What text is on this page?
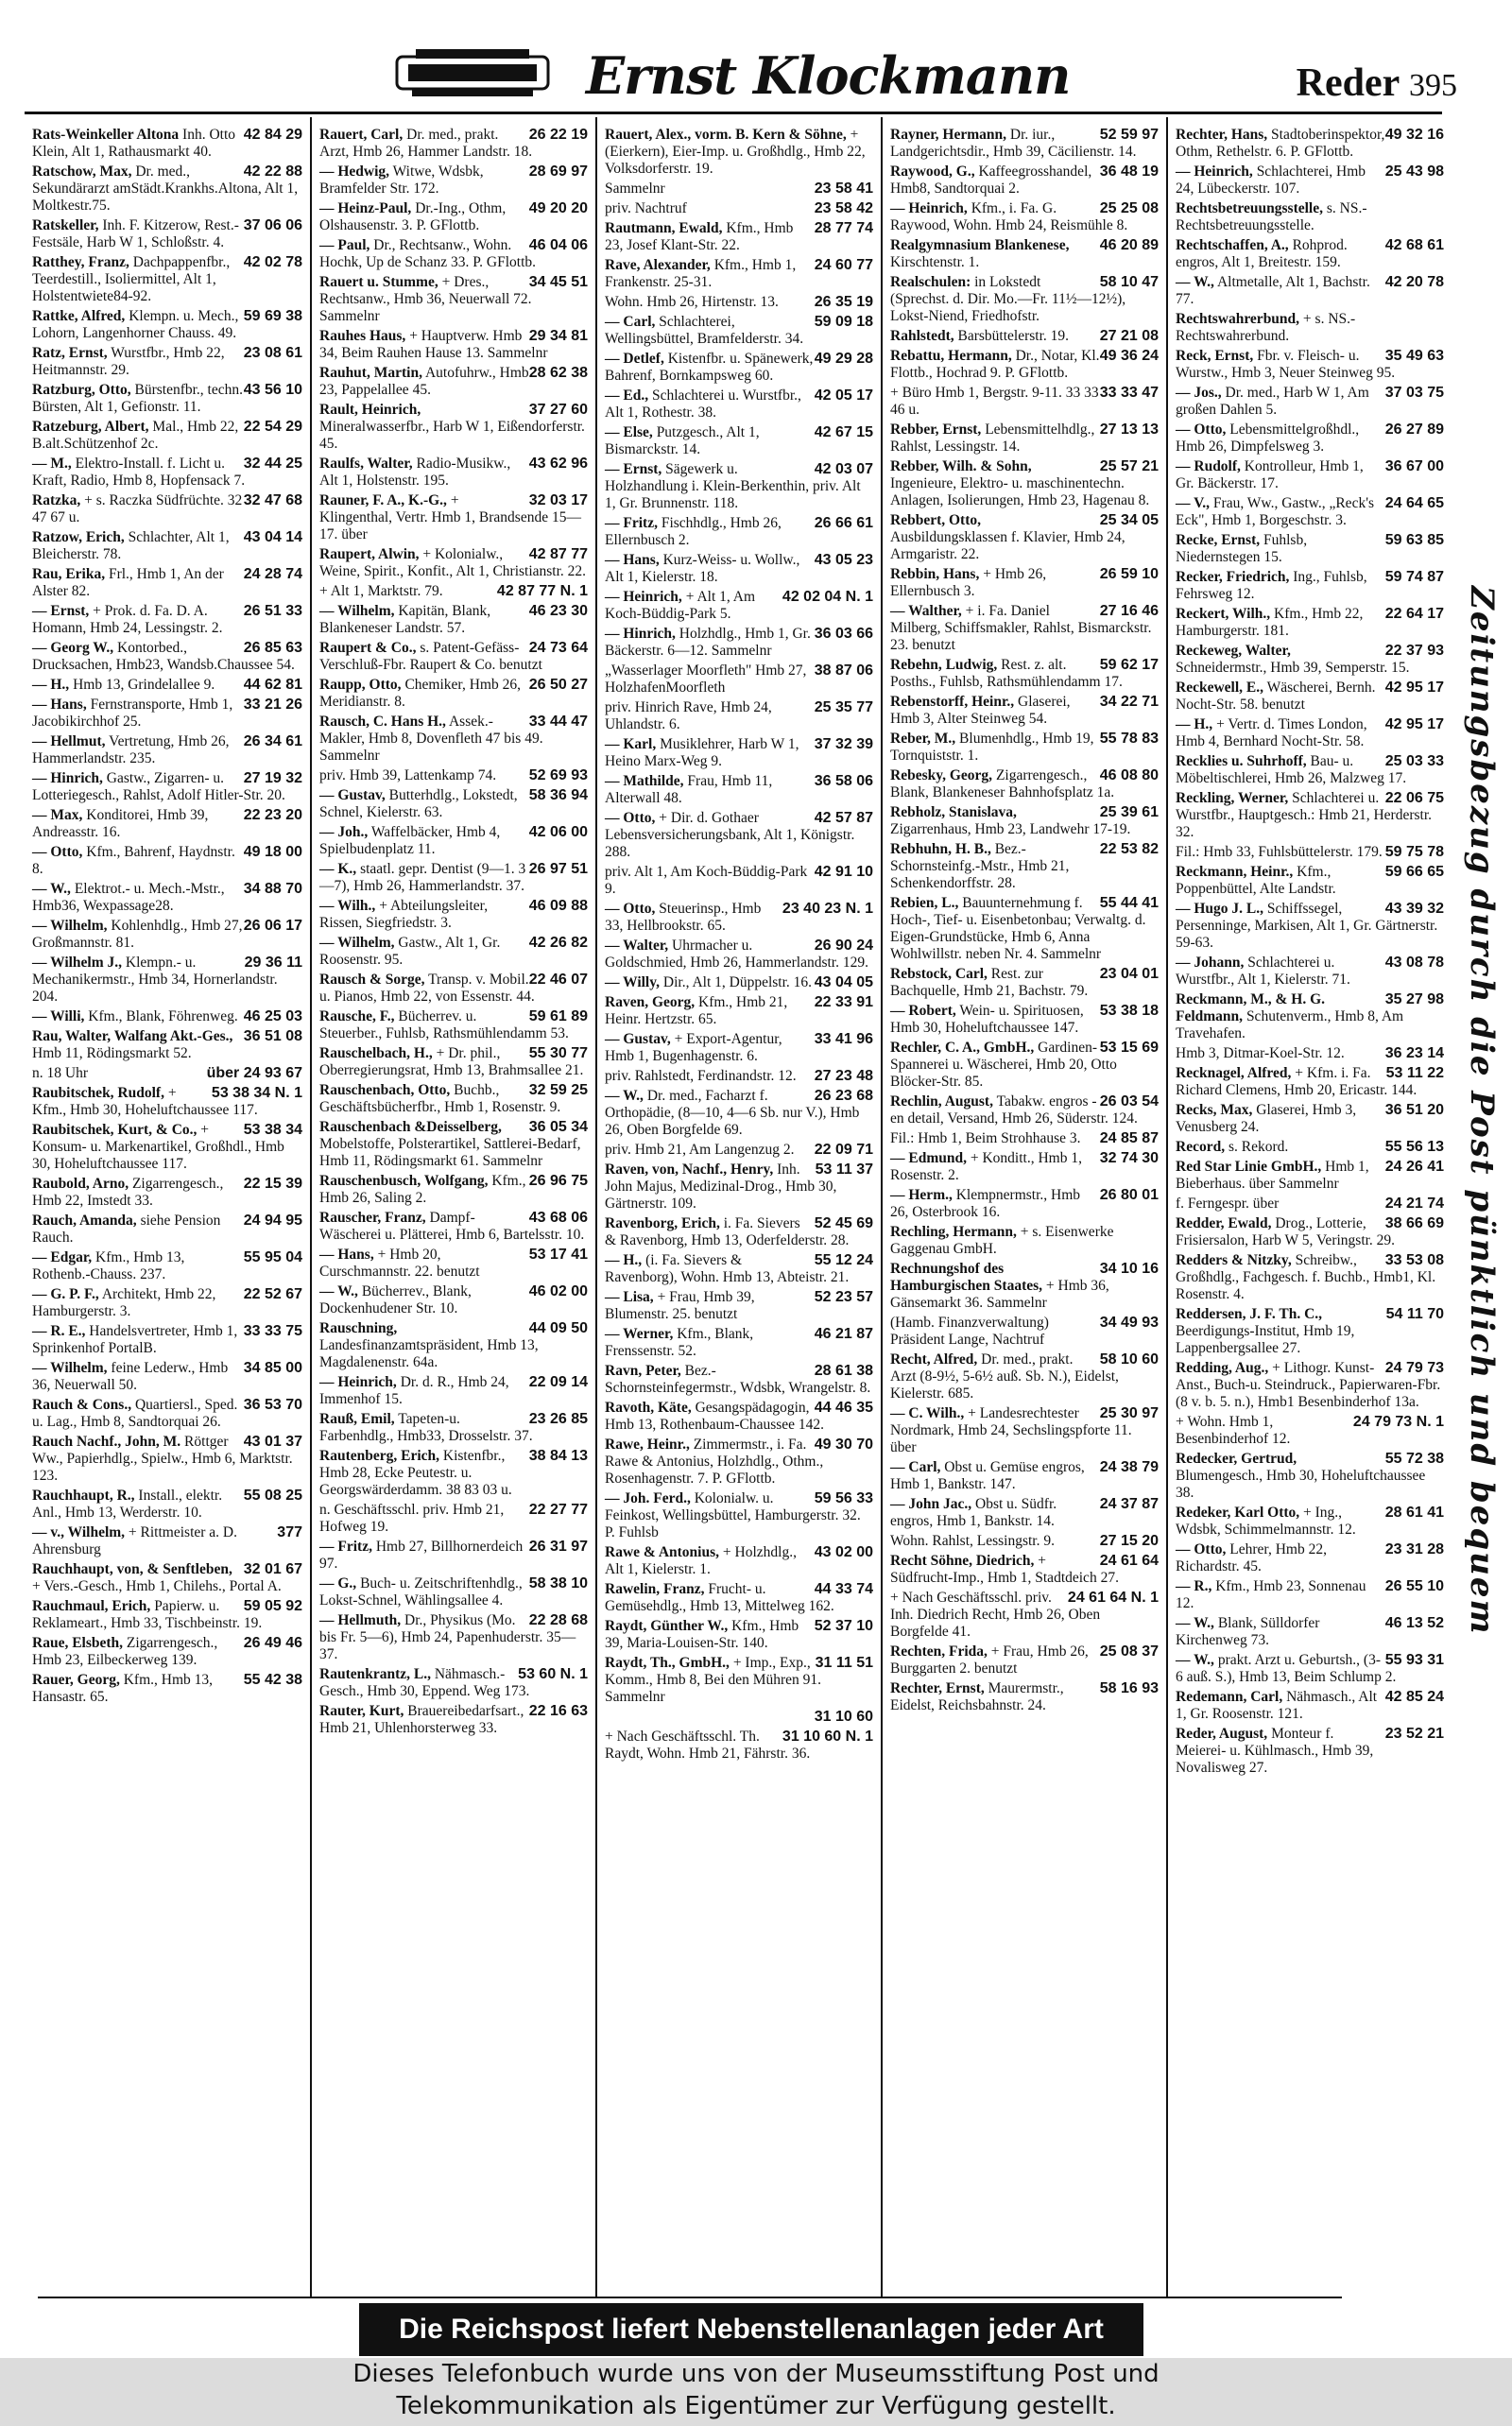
Ernst Klockmann	Reder 395
42 84 29
Rats-Weinkeller Altona Inh. Otto Klein, Alt 1, Rathausmarkt 40.
42 22 88
Ratschow, Max, Dr. med., Sekundärarzt amStädt.Krankhs.Altona, Alt 1, Moltkestr.75.
37 06 06
Ratskeller, Inh. F. Kitzerow, Rest.-Festsäle, Harb W 1, Schloßstr. 4.
42 02 78
Ratthey, Franz, Dachpappenfbr., Teerdestill., Isoliermittel, Alt 1, Holstentwiete84-92.
59 69 38
Rattke, Alfred, Klempn. u. Mech., Lohorn, Langenhorner Chauss. 49.
23 08 61
Ratz, Ernst, Wurstfbr., Hmb 22, Heitmannstr. 29.
43 56 10
Ratzburg, Otto, Bürstenfbr., techn. Bürsten, Alt 1, Gefionstr. 11.
22 54 29
Ratzeburg, Albert, Mal., Hmb 22, B.alt.Schützenhof 2c.
32 44 25
— M., Elektro-Install. f. Licht u. Kraft, Radio, Hmb 8, Hopfensack 7.
32 47 68
Ratzka, + s. Raczka Südfrüchte. 32 47 67 u.
43 04 14
Ratzow, Erich, Schlachter, Alt 1, Bleicherstr. 78.
24 28 74
Rau, Erika, Frl., Hmb 1, An der Alster 82.
26 51 33
— Ernst, + Prok. d. Fa. D. A. Homann, Hmb 24, Lessingstr. 2.
26 85 63
— Georg W., Kontorbed., Drucksachen, Hmb23, Wandsb.Chaussee 54.
44 62 81
— H., Hmb 13, Grindelallee 9.
33 21 26
— Hans, Fernstransporte, Hmb 1, Jacobikirchhof 25.
26 34 61
— Hellmut, Vertretung, Hmb 26, Hammerlandstr. 235.
27 19 32
— Hinrich, Gastw., Zigarren- u. Lotteriegesch., Rahlst, Adolf Hitler-Str. 20.
22 23 20
— Max, Konditorei, Hmb 39, Andreasstr. 16.
49 18 00
— Otto, Kfm., Bahrenf, Haydnstr. 8.
34 88 70
— W., Elektrot.- u. Mech.-Mstr., Hmb36, Wexpassage28.
26 06 17
— Wilhelm, Kohlenhdlg., Hmb 27, Großmannstr. 81.
29 36 11
— Wilhelm J., Klempn.- u. Mechanikermstr., Hmb 34, Hornerlandstr. 204.
46 25 03
— Willi, Kfm., Blank, Föhrenweg.
36 51 08
Rau, Walter, Walfang Akt.-Ges., Hmb 11, Rödingsmarkt 52.
über 24 93 67
n. 18 Uhr
53 38 34 N. 1
Raubitschek, Rudolf, + Kfm., Hmb 30, Hoheluftchaussee 117.
53 38 34
Raubitschek, Kurt, & Co., + Konsum- u. Markenartikel, Großhdl., Hmb 30, Hoheluftchaussee 117.
22 15 39
Raubold, Arno, Zigarrengesch., Hmb 22, Imstedt 33.
24 94 95
Rauch, Amanda, siehe Pension Rauch.
55 95 04
— Edgar, Kfm., Hmb 13, Rothenb.-Chauss. 237.
22 52 67
— G. P. F., Architekt, Hmb 22, Hamburgerstr. 3.
33 33 75
— R. E., Handelsvertreter, Hmb 1, Sprinkenhof PortalB.
34 85 00
— Wilhelm, feine Lederw., Hmb 36, Neuerwall 50.
36 53 70
Rauch & Cons., Quartiersl., Sped. u. Lag., Hmb 8, Sandtorquai 26.
43 01 37
Rauch Nachf., John, M. Röttger Ww., Papierhdlg., Spielw., Hmb 6, Marktstr. 123.
55 08 25
Rauchhaupt, R., Install., elektr. Anl., Hmb 13, Werderstr. 10.
377
— v., Wilhelm, + Rittmeister a. D. Ahrensburg
32 01 67
Rauchhaupt, von, & Senftleben, + Vers.-Gesch., Hmb 1, Chilehs., Portal A.
59 05 92
Rauchmaul, Erich, Papierw. u. Reklameart., Hmb 33, Tischbeinstr. 19.
26 49 46
Raue, Elsbeth, Zigarrengesch., Hmb 23, Eilbeckerweg 139.
55 42 38
Rauer, Georg, Kfm., Hmb 13, Hansastr. 65.
26 22 19
Rauert, Carl, Dr. med., prakt. Arzt, Hmb 26, Hammer Landstr. 18.
28 69 97
— Hedwig, Witwe, Wdsbk, Bramfelder Str. 172.
49 20 20
— Heinz-Paul, Dr.-Ing., Othm, Olshausenstr. 3. P. GFlottb.
46 04 06
— Paul, Dr., Rechtsanw., Wohn. Hochk, Up de Schanz 33. P. GFlottb.
34 45 51
Rauert u. Stumme, + Dres., Rechtsanw., Hmb 36, Neuerwall 72. Sammelnr
29 34 81
Rauhes Haus, + Hauptverw. Hmb 34, Beim Rauhen Hause 13. Sammelnr
28 62 38
Rauhut, Martin, Autofuhrw., Hmb 23, Pappelallee 45.
37 27 60
Rault, Heinrich, Mineralwasserfbr., Harb W 1, Eißendorferstr. 45.
43 62 96
Raulfs, Walter, Radio-Musikw., Alt 1, Holstenstr. 195.
32 03 17
Rauner, F. A., K.-G., + Klingenthal, Vertr. Hmb 1, Brandsende 15—17. über
42 87 77
Raupert, Alwin, + Kolonialw., Weine, Spirit., Konfit., Alt 1, Christianstr. 22.
42 87 77 N. 1
+ Alt 1, Marktstr. 79.
46 23 30
— Wilhelm, Kapitän, Blank, Blankeneser Landstr. 57.
24 73 64
Raupert & Co., s. Patent-Gefäss-Verschluß-Fbr. Raupert & Co. benutzt
26 50 27
Raupp, Otto, Chemiker, Hmb 26, Meridianstr. 8.
33 44 47
Rausch, C. Hans H., Assek.-Makler, Hmb 8, Dovenfleth 47 bis 49. Sammelnr
52 69 93
priv. Hmb 39, Lattenkamp 74.
58 36 94
— Gustav, Butterhdlg., Lokstedt, Schnel, Kielerstr. 63.
42 06 00
— Joh., Waffelbäcker, Hmb 4, Spielbudenplatz 11.
26 97 51
— K., staatl. gepr. Dentist (9—1. 3—7), Hmb 26, Hammerlandstr. 37.
46 09 88
— Wilh., + Abteilungsleiter, Rissen, Siegfriedstr. 3.
42 26 82
— Wilhelm, Gastw., Alt 1, Gr. Roosenstr. 95.
22 46 07
Rausch & Sorge, Transp. v. Mobil. u. Pianos, Hmb 22, von Essenstr. 44.
59 61 89
Rausche, F., Bücherrev. u. Steuerber., Fuhlsb, Rathsmühlendamm 53.
55 30 77
Rauschelbach, H., + Dr. phil., Oberregierungsrat, Hmb 13, Brahmsallee 21.
32 59 25
Rauschenbach, Otto, Buchb., Geschäftsbücherfbr., Hmb 1, Rosenstr. 9.
36 05 34
Rauschenbach &Deisselberg, Mobelstoffe, Polsterartikel, Sattlerei-Bedarf, Hmb 11, Rödingsmarkt 61. Sammelnr
26 96 75
Rauschenbusch, Wolfgang, Kfm., Hmb 26, Saling 2.
43 68 06
Rauscher, Franz, Dampf-Wäscherei u. Plätterei, Hmb 6, Bartelsstr. 10.
53 17 41
— Hans, + Hmb 20, Curschmannstr. 22. benutzt
46 02 00
— W., Bücherrev., Blank, Dockenhudener Str. 10.
44 09 50
Rauschning, Landesfinanzamtspräsident, Hmb 13, Magdalenenstr. 64a.
22 09 14
— Heinrich, Dr. d. R., Hmb 24, Immenhof 15.
23 26 85
Rauß, Emil, Tapeten-u. Farbenhdlg., Hmb33, Drosselstr. 37.
38 84 13
Rautenberg, Erich, Kistenfbr., Hmb 28, Ecke Peutestr. u. Georgswärderdamm. 38 83 03 u.
22 27 77
n. Geschäftsschl. priv. Hmb 21, Hofweg 19.
26 31 97
— Fritz, Hmb 27, Billhornerdeich 97.
58 38 10
— G., Buch- u. Zeitschriftenhdlg., Lokst-Schnel, Wählingsallee 4.
22 28 68
— Hellmuth, Dr., Physikus (Mo. bis Fr. 5—6), Hmb 24, Papenhuderstr. 35—37.
53 60 N. 1
Rautenkrantz, L., Nähmasch.-Gesch., Hmb 30, Eppend. Weg 173.
22 16 63
Rauter, Kurt, Brauereibedarfsart., Hmb 21, Uhlenhorsterweg 33.
Rauert, Alex., vorm. B. Kern & Söhne, + (Eierkern), Eier-Imp. u. Großhdlg., Hmb 22, Volksdorferstr. 19.
23 58 41
Sammelnr
23 58 42
priv. Nachtruf
28 77 74
Rautmann, Ewald, Kfm., Hmb 23, Josef Klant-Str. 22.
24 60 77
Rave, Alexander, Kfm., Hmb 1, Frankenstr. 25-31.
26 35 19
Wohn. Hmb 26, Hirtenstr. 13.
59 09 18
— Carl, Schlachterei, Wellingsbüttel, Bramfelderstr. 34.
49 29 28
— Detlef, Kistenfbr. u. Spänewerk, Bahrenf, Bornkampsweg 60.
42 05 17
— Ed., Schlachterei u. Wurstfbr., Alt 1, Rothestr. 38.
42 67 15
— Else, Putzgesch., Alt 1, Bismarckstr. 14.
42 03 07
— Ernst, Sägewerk u. Holzhandlung i. Klein-Berkenthin, priv. Alt 1, Gr. Brunnenstr. 118.
26 66 61
— Fritz, Fischhdlg., Hmb 26, Ellernbusch 2.
43 05 23
— Hans, Kurz-Weiss- u. Wollw., Alt 1, Kielerstr. 18.
42 02 04 N. 1
— Heinrich, + Alt 1, Am Koch-Büddig-Park 5.
36 03 66
— Hinrich, Holzhdlg., Hmb 1, Gr. Bäckerstr. 6—12. Sammelnr
38 87 06
„Wasserlager Moorfleth" Hmb 27, HolzhafenMoorfleth
25 35 77
priv. Hinrich Rave, Hmb 24, Uhlandstr. 6.
37 32 39
— Karl, Musiklehrer, Harb W 1, Heino Marx-Weg 9.
36 58 06
— Mathilde, Frau, Hmb 11, Alterwall 48.
42 57 87
— Otto, + Dir. d. Gothaer Lebensversicherungsbank, Alt 1, Königstr. 288.
42 91 10
priv. Alt 1, Am Koch-Büddig-Park 9.
23 40 23 N. 1
— Otto, Steuerinsp., Hmb 33, Hellbrookstr. 65.
26 90 24
— Walter, Uhrmacher u. Goldschmied, Hmb 26, Hammerlandstr. 129.
43 04 05
— Willy, Dir., Alt 1, Düppelstr. 16.
22 33 91
Raven, Georg, Kfm., Hmb 21, Heinr. Hertzstr. 65.
33 41 96
— Gustav, + Export-Agentur, Hmb 1, Bugenhagenstr. 6.
27 23 48
priv. Rahlstedt, Ferdinandstr. 12.
26 23 68
— W., Dr. med., Facharzt f. Orthopädie, (8—10, 4—6 Sb. nur V.), Hmb 26, Oben Borgfelde 69.
22 09 71
priv. Hmb 21, Am Langenzug 2.
53 11 37
Raven, von, Nachf., Henry, Inh. John Majus, Medizinal-Drog., Hmb 30, Gärtnerstr. 109.
52 45 69
Ravenborg, Erich, i. Fa. Sievers & Ravenborg, Hmb 13, Oderfelderstr. 28.
55 12 24
— H., (i. Fa. Sievers & Ravenborg), Wohn. Hmb 13, Abteistr. 21.
52 23 57
— Lisa, + Frau, Hmb 39, Blumenstr. 25. benutzt
46 21 87
— Werner, Kfm., Blank, Frenssenstr. 52.
28 61 38
Ravn, Peter, Bez.-Schornsteinfegermstr., Wdsbk, Wrangelstr. 8.
44 46 35
Ravoth, Käte, Gesangspädagogin, Hmb 13, Rothenbaum-Chaussee 142.
49 30 70
Rawe, Heinr., Zimmermstr., i. Fa. Rawe & Antonius, Holzhdlg., Othm., Rosenhagenstr. 7. P. GFlottb.
59 56 33
— Joh. Ferd., Kolonialw. u. Feinkost, Wellingsbüttel, Hamburgerstr. 32. P. Fuhlsb
43 02 00
Rawe & Antonius, + Holzhdlg., Alt 1, Kielerstr. 1.
44 33 74
Rawelin, Franz, Frucht- u. Gemüsehdlg., Hmb 13, Mittelweg 162.
52 37 10
Raydt, Günther W., Kfm., Hmb 39, Maria-Louisen-Str. 140.
31 11 51
Raydt, Th., GmbH., + Imp., Exp., Komm., Hmb 8, Bei den Mühren 91. Sammelnr
31 10 60
31 10 60 N. 1
+ Nach Geschäftsschl. Th. Raydt, Wohn. Hmb 21, Fährstr. 36.
52 59 97
Rayner, Hermann, Dr. iur., Landgerichtsdir., Hmb 39, Cäcilienstr. 14.
36 48 19
Raywood, G., Kaffeegrosshandel, Hmb8, Sandtorquai 2.
25 25 08
— Heinrich, Kfm., i. Fa. G. Raywood, Wohn. Hmb 24, Reismühle 8.
46 20 89
Realgymnasium Blankenese, Kirschtenstr. 1.
58 10 47
Realschulen: in Lokstedt (Sprechst. d. Dir. Mo.—Fr. 11½—12½), Lokst-Niend, Friedhofstr.
27 21 08
Rahlstedt, Barsbüttelerstr. 19.
49 36 24
Rebattu, Hermann, Dr., Notar, Kl. Flottb., Hochrad 9. P. GFlottb.
33 33 47
+ Büro Hmb 1, Bergstr. 9-11. 33 33 46 u.
27 13 13
Rebber, Ernst, Lebensmittelhdlg., Rahlst, Lessingstr. 14.
25 57 21
Rebber, Wilh. & Sohn, Ingenieure, Elektro- u. maschinentechn. Anlagen, Isolierungen, Hmb 23, Hagenau 8.
25 34 05
Rebbert, Otto, Ausbildungsklassen f. Klavier, Hmb 24, Armgaristr. 22.
26 59 10
Rebbin, Hans, + Hmb 26, Ellernbusch 3.
27 16 46
— Walther, + i. Fa. Daniel Milberg, Schiffsmakler, Rahlst, Bismarckstr. 23. benutzt
59 62 17
Rebehn, Ludwig, Rest. z. alt. Posths., Fuhlsb, Rathsmühlendamm 17.
34 22 71
Rebenstorff, Heinr., Glaserei, Hmb 3, Alter Steinweg 54.
55 78 83
Reber, M., Blumenhdlg., Hmb 19, Tornquiststr. 1.
46 08 80
Rebesky, Georg, Zigarrengesch., Blank, Blankeneser Bahnhofsplatz 1a.
25 39 61
Rebholz, Stanislava, Zigarrenhaus, Hmb 23, Landwehr 17-19.
22 53 82
Rebhuhn, H. B., Bez.-Schornsteinfg.-Mstr., Hmb 21, Schenkendorffstr. 28.
55 44 41
Rebien, L., Bauunternehmung f. Hoch-, Tief- u. Eisenbetonbau; Verwaltg. d. Eigen-Grundstücke, Hmb 6, Anna Wohlwillstr. neben Nr. 4. Sammelnr
23 04 01
Rebstock, Carl, Rest. zur Bachquelle, Hmb 21, Bachstr. 79.
53 38 18
— Robert, Wein- u. Spirituosen, Hmb 30, Hoheluftchaussee 147.
53 15 69
Rechler, C. A., GmbH., Gardinen-Spannerei u. Wäscherei, Hmb 20, Otto Blöcker-Str. 85.
26 03 54
Rechlin, August, Tabakw. engros - en detail, Versand, Hmb 26, Süderstr. 124.
24 85 87
Fil.: Hmb 1, Beim Strohhause 3.
32 74 30
— Edmund, + Konditt., Hmb 1, Rosenstr. 2.
26 80 01
— Herm., Klempnermstr., Hmb 26, Osterbrook 16.
Rechling, Hermann, + s. Eisenwerke Gaggenau GmbH.
34 10 16
Rechnungshof des Hamburgischen Staates, + Hmb 36, Gänsemarkt 36. Sammelnr
34 49 93
(Hamb. Finanzverwaltung) Präsident Lange, Nachtruf
58 10 60
Recht, Alfred, Dr. med., prakt. Arzt (8-9½, 5-6½ auß. Sb. N.), Eidelst, Kielerstr. 685.
25 30 97
— C. Wilh., + Landesrechtester Nordmark, Hmb 24, Sechslingspforte 11. über
24 38 79
— Carl, Obst u. Gemüse engros, Hmb 1, Bankstr. 147.
24 37 87
— John Jac., Obst u. Südfr. engros, Hmb 1, Bankstr. 14.
27 15 20
Wohn. Rahlst, Lessingstr. 9.
24 61 64
Recht Söhne, Diedrich, + Südfrucht-Imp., Hmb 1, Stadtdeich 27.
24 61 64 N. 1
+ Nach Geschäftsschl. priv. Inh. Diedrich Recht, Hmb 26, Oben Borgfelde 41.
25 08 37
Rechten, Frida, + Frau, Hmb 26, Burggarten 2. benutzt
58 16 93
Rechter, Ernst, Maurermstr., Eidelst, Reichsbahnstr. 24.
49 32 16
Rechter, Hans, Stadtoberinspektor, Othm, Rethelstr. 6. P. GFlottb.
25 43 98
— Heinrich, Schlachterei, Hmb 24, Lübeckerstr. 107.
Rechtsbetreuungsstelle, s. NS.-Rechtsbetreuungsstelle.
42 68 61
Rechtschaffen, A., Rohprod. engros, Alt 1, Breitestr. 159.
42 20 78
— W., Altmetalle, Alt 1, Bachstr. 77.
Rechtswahrerbund, + s. NS.-Rechtswahrerbund.
35 49 63
Reck, Ernst, Fbr. v. Fleisch- u. Wurstw., Hmb 3, Neuer Steinweg 95.
37 03 75
— Jos., Dr. med., Harb W 1, Am großen Dahlen 5.
26 27 89
— Otto, Lebensmittelgroßhdl., Hmb 26, Dimpfelsweg 3.
36 67 00
— Rudolf, Kontrolleur, Hmb 1, Gr. Bäckerstr. 17.
24 64 65
— V., Frau, Ww., Gastw., „Reck's Eck", Hmb 1, Borgeschstr. 3.
59 63 85
Recke, Ernst, Fuhlsb, Niedernstegen 15.
59 74 87
Recker, Friedrich, Ing., Fuhlsb, Fehrsweg 12.
22 64 17
Reckert, Wilh., Kfm., Hmb 22, Hamburgerstr. 181.
22 37 93
Reckeweg, Walter, Schneidermstr., Hmb 39, Semperstr. 15.
42 95 17
Reckewell, E., Wäscherei, Bernh. Nocht-Str. 58. benutzt
42 95 17
— H., + Vertr. d. Times London, Hmb 4, Bernhard Nocht-Str. 58.
25 03 33
Recklies u. Suhrhoff, Bau- u. Möbeltischlerei, Hmb 26, Malzweg 17.
22 06 75
Reckling, Werner, Schlachterei u. Wurstfbr., Hauptgesch.: Hmb 21, Herderstr. 32.
59 75 78
Fil.: Hmb 33, Fuhlsbüttelerstr. 179.
59 66 65
Reckmann, Heinr., Kfm., Poppenbüttel, Alte Landstr.
43 39 32
— Hugo J. L., Schiffssegel, Persenninge, Markisen, Alt 1, Gr. Gärtnerstr. 59-63.
43 08 78
— Johann, Schlachterei u. Wurstfbr., Alt 1, Kielerstr. 71.
35 27 98
Reckmann, M., & H. G. Feldmann, Schutenverm., Hmb 8, Am Travehafen.
36 23 14
Hmb 3, Ditmar-Koel-Str. 12.
53 11 22
Recknagel, Alfred, + Kfm. i. Fa. Richard Clemens, Hmb 20, Ericastr. 144.
36 51 20
Recks, Max, Glaserei, Hmb 3, Venusberg 24.
55 56 13
Record, s. Rekord.
24 26 41
Red Star Linie GmbH., Hmb 1, Bieberhaus. über Sammelnr
24 21 74
f. Ferngespr. über
38 66 69
Redder, Ewald, Drog., Lotterie, Frisiersalon, Harb W 5, Veringstr. 29.
33 53 08
Redders & Nitzky, Schreibw., Großhdlg., Fachgesch. f. Buchb., Hmb1, Kl. Rosenstr. 4.
54 11 70
Reddersen, J. F. Th. C., Beerdigungs-Institut, Hmb 19, Lappenbergsallee 27.
24 79 73
Redding, Aug., + Lithogr. Kunst-Anst., Buch-u. Steindruck., Papierwaren-Fbr. (8 v. b. 5. n.), Hmb1 Besenbinderhof 13a.
24 79 73 N. 1
+ Wohn. Hmb 1, Besenbinderhof 12.
55 72 38
Redecker, Gertrud, Blumengesch., Hmb 30, Hoheluftchaussee 38.
28 61 41
Redeker, Karl Otto, + Ing., Wdsbk, Schimmelmannstr. 12.
23 31 28
— Otto, Lehrer, Hmb 22, Richardstr. 45.
26 55 10
— R., Kfm., Hmb 23, Sonnenau 12.
46 13 52
— W., Blank, Sülldorfer Kirchenweg 73.
55 93 31
— W., prakt. Arzt u. Geburtsh., (3-6 auß. S.), Hmb 13, Beim Schlump 2.
42 85 24
Redemann, Carl, Nähmasch., Alt 1, Gr. Roosenstr. 121.
23 52 21
Reder, August, Monteur f. Meierei- u. Kühlmasch., Hmb 39, Novalisweg 27.
Zeitungsbezug durch die Post pünktlich und bequem
Die Reichspost liefert Nebenstellenanlagen jeder Art
Dieses Telefonbuch wurde uns von der Museumsstiftung Post und
Telekommunikation als Eigentümer zur Verfügung gestellt.
